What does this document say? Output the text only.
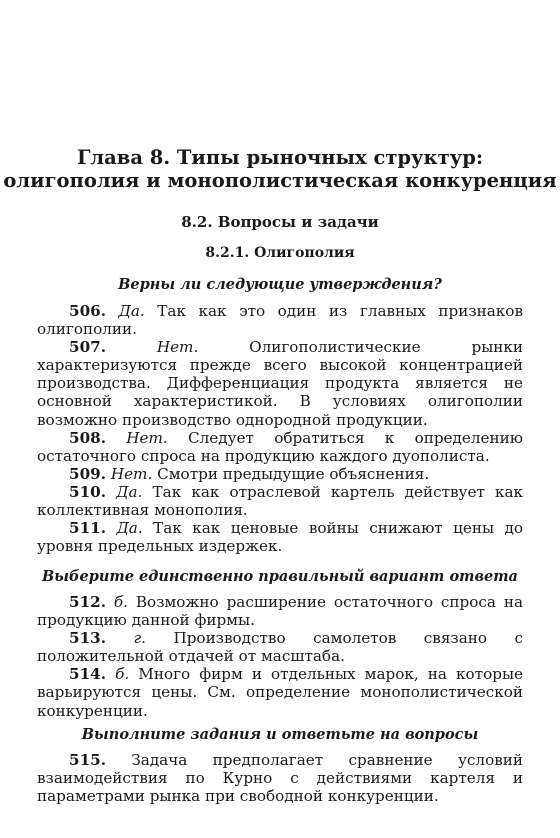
Глава 8. Типы рыночных структур:
олигополия и монополистическая конкуренция
8.2. Вопросы и задачи
8.2.1. Олигополия
Верны ли следующие утверждения?

506. Да. Так как это один из главных признаков олигополии.

507.	Нет.	Олигополистические рынки характеризуются прежде всего высокой концентрацией производства. Дифференциация продукта является не основной характеристикой. В условиях олигополии возможно производство однородной продукции.

508. Нет. Следует обратиться к определению остаточного спроса на продукцию каждого дуополиста.

509. Нет. Смотри предыдущие объяснения.

510. Да. Так как отраслевой картель действует как коллективная монополия.

511. Да. Так как ценовые войны снижают цены до уровня предельных издержек.

Выберите единственно правильный вариант ответа

512. б. Возможно расширение остаточного спроса на продукцию данной фирмы.

513. г. Производство самолетов связано с положительной отдачей от масштаба.

514. б. Много фирм и отдельных марок, на которые варьируются цены. См. определение монополистической конкуренции.

Выполните задания и ответьте на вопросы

515. Задача предполагает сравнение условий взаимодействия по Курно с действиями картеля и параметрами рынка при свободной конкуренции.
